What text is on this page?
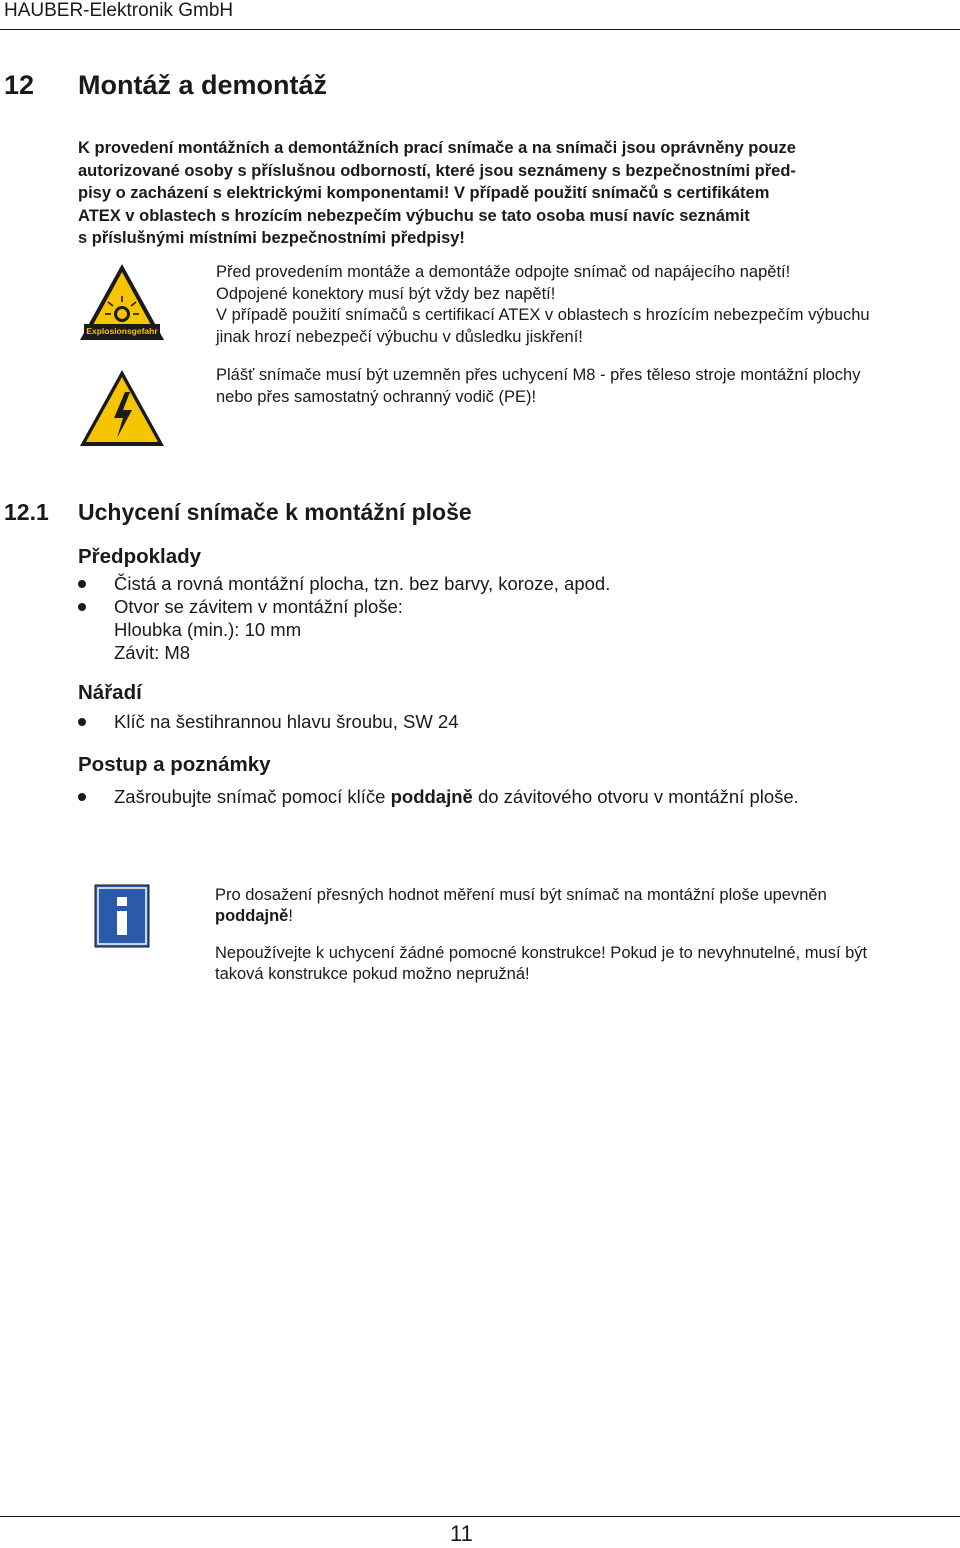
HAUBER-Elektronik GmbH
12 Montáž a demontáž
K provedení montážních a demontážních prací snímače a na snímači jsou oprávněny pouze
autorizované osoby s příslušnou odborností, které jsou seznámeny s bezpečnostními před-
pisy o zacházení s elektrickými komponentami! V případě použití snímačů s certifikátem
ATEX v oblastech s hrozícím nebezpečím výbuchu se tato osoba musí navíc seznámit
s příslušnými místními bezpečnostními předpisy!
Explosionsgefahr
Před provedením montáže a demontáže odpojte snímač od napájecího napětí!
Odpojené konektory musí být vždy bez napětí!
V případě použití snímačů s certifikací ATEX v oblastech s hrozícím nebezpečím výbuchu
jinak hrozí nebezpečí výbuchu v důsledku jiskření!
Plášť snímače musí být uzemněn přes uchycení M8 - přes těleso stroje montážní plochy
nebo přes samostatný ochranný vodič (PE)!
12.1 Uchycení snímače k montážní ploše
Předpoklady
Čistá a rovná montážní plocha, tzn. bez barvy, koroze, apod.
Otvor se závitem v montážní ploše:
Hloubka (min.): 10 mm
Závit: M8
Nářadí
Klíč na šestihrannou hlavu šroubu, SW 24
Postup a poznámky
Zašroubujte snímač pomocí klíče poddajně do závitového otvoru v montážní ploše.
Pro dosažení přesných hodnot měření musí být snímač na montážní ploše upevněn
poddajně!
Nepoužívejte k uchycení žádné pomocné konstrukce! Pokud je to nevyhnutelné, musí být
taková konstrukce pokud možno nepružná!
11
